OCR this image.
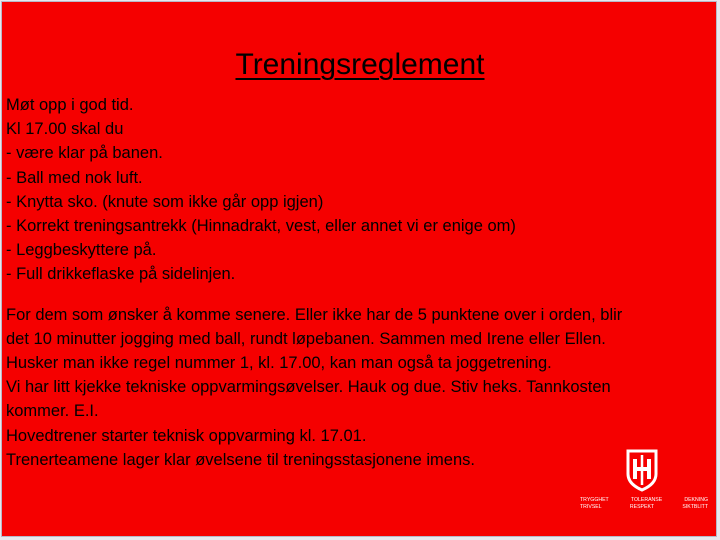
Treningsreglement
Møt opp i god tid.
Kl 17.00 skal du
- være klar på banen.
- Ball med nok luft.
- Knytta sko. (knute som ikke går opp igjen)
- Korrekt treningsantrekk (Hinnadrakt, vest, eller annet vi er enige om)
- Leggbeskyttere på.
- Full drikkeflaske på sidelinjen.
For dem som ønsker å komme senere. Eller ikke har de 5 punktene over i orden, blir
det 10 minutter jogging med ball, rundt løpebanen. Sammen med Irene eller Ellen.
Husker man ikke regel nummer 1, kl. 17.00, kan man også ta joggetrening.
Vi har litt kjekke tekniske oppvarmingsøvelser. Hauk og due. Stiv heks. Tannkosten
kommer. E.I.
Hovedtrener starter teknisk oppvarming kl. 17.01.
Trenerteamene lager klar øvelsene til treningsstasjonene imens.
TRYGGHET	TOLERANSE	DEKNING
TRIVSEL	RESPEKT	SIKTBLITT
